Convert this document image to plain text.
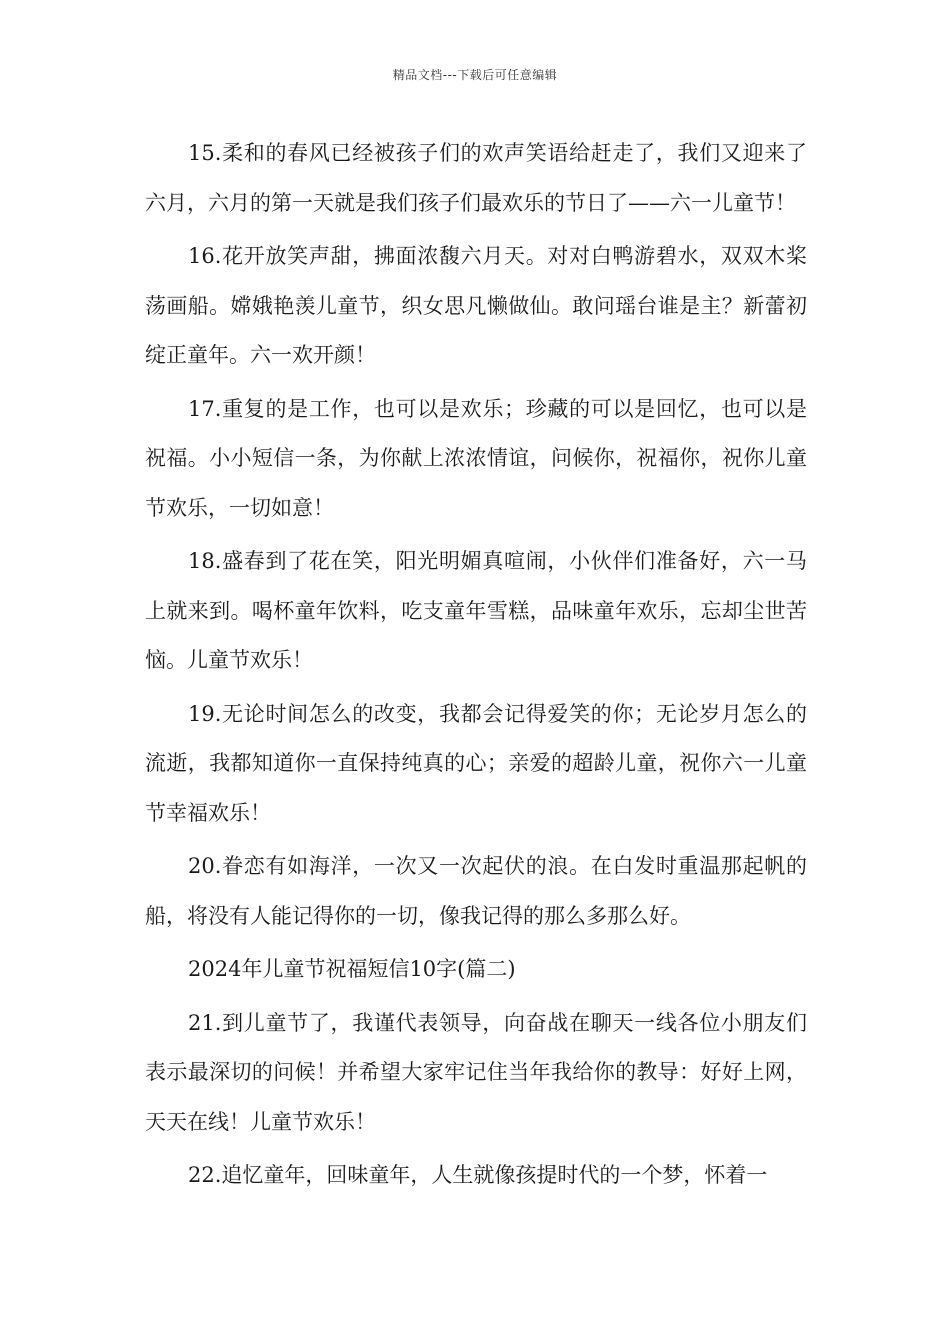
精品文档---下载后可任意编辑

15.柔和的春风已经被孩子们的欢声笑语给赶走了，我们又迎来了六月，六月的第一天就是我们孩子们最欢乐的节日了——六一儿童节！

16.花开放笑声甜，拂面浓馥六月天。对对白鸭游碧水，双双木桨荡画船。嫦娥艳羡儿童节，织女思凡懒做仙。敢问瑶台谁是主？新蕾初绽正童年。六一欢开颜！

17.重复的是工作，也可以是欢乐；珍藏的可以是回忆，也可以是祝福。小小短信一条，为你献上浓浓情谊，问候你，祝福你，祝你儿童节欢乐，一切如意！

18.盛春到了花在笑，阳光明媚真喧闹，小伙伴们准备好，六一马上就来到。喝杯童年饮料，吃支童年雪糕，品味童年欢乐，忘却尘世苦恼。儿童节欢乐！

19.无论时间怎么的改变，我都会记得爱笑的你；无论岁月怎么的流逝，我都知道你一直保持纯真的心；亲爱的超龄儿童，祝你六一儿童节幸福欢乐！

20.眷恋有如海洋，一次又一次起伏的浪。在白发时重温那起帆的船，将没有人能记得你的一切，像我记得的那么多那么好。

2024年儿童节祝福短信10字(篇二)

21.到儿童节了，我谨代表领导，向奋战在聊天一线各位小朋友们表示最深切的问候！并希望大家牢记住当年我给你的教导：好好上网，天天在线！儿童节欢乐！

22.追忆童年，回味童年，人生就像孩提时代的一个梦，怀着一
